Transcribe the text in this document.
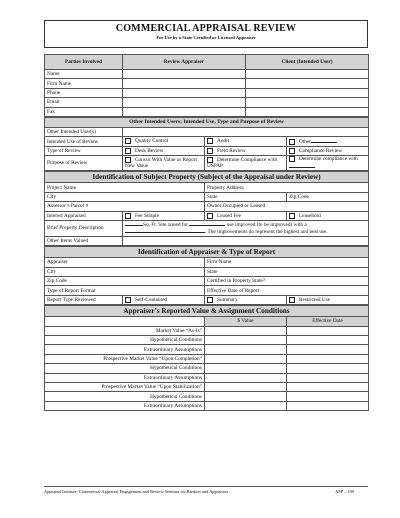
COMMERCIAL APPRAISAL REVIEW
For Use by a State Certified or Licensed Appraiser
Parties Involved	Review Appraiser	Client (Intended User)
Name		
Firm Name		
Phone		
Email		
Fax		
Other Intended Users; Intended Use, Type and Purpose of Review			
Other Intended User(s)			
Intended Use of Review	Quality Control	Audit	Other
Type of Review	Desk Review	Field Review	Compliance Review
Purpose of Review	Concur With Value or Report New Value	Determine Compliance with USPAP	Determine compliance with
Identification of Subject Property (Subject of the Appraisal under Review)			
Project Name		Property Address	
City		State	Zip Code
Assessor’s Parcel #		Owner Occupied or Leased	
Interest Appraised	Fee Simple	Leased Fee	Leasehold
Brief Property Description	Sq. Ft. Site zoned for use improved (to be improved) with a
. The improvements do represent the highest and best use.		
Other Items Valued			
Identification of Appraiser & Type of Report			
Appraiser		Firm Name	
City		State	
Zip Code		Certified in Property State?	
Type of Report Format		Effective Date of Report	
Report Type Reviewed	Self-Contained	Summary	Restricted Use
Appraiser’s Reported Value & Assignment Conditions		
	$ Value	Effective Date
Market Value “As-Is”		
Hypothetical Conditions		
Extraordinary Assumptions		
Prospective Market Value “Upon Completion”		
Hypothetical Conditions		
Extraordinary Assumptions		
Prospective Market Value “Upon Stabilization”		
Hypothetical Conditions		
Extraordinary Assumptions		
Appraisal Institute: Commercial Appraisal Engagement and Review Seminar for Bankers and Appraisers	APP – 199
